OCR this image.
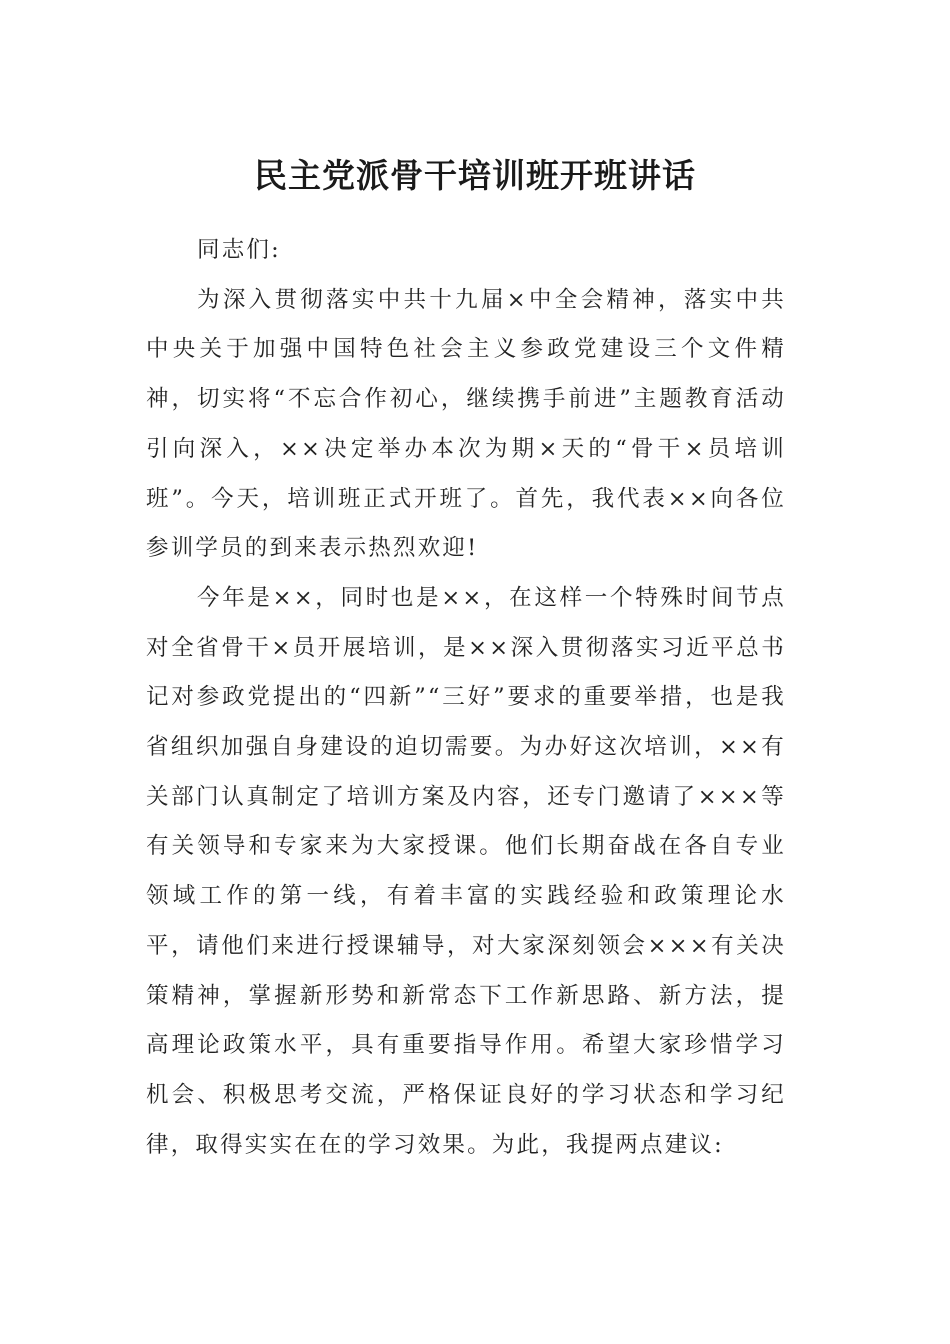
民主党派骨干培训班开班讲话

同志们:

为深入贯彻落实中共十九届×中全会精神，落实中共中央关于加强中国特色社会主义参政党建设三个文件精神，切实将“不忘合作初心，继续携手前进”主题教育活动引向深入，××决定举办本次为期×天的“骨干×员培训班”。今天，培训班正式开班了。首先，我代表××向各位参训学员的到来表示热烈欢迎!

今年是××，同时也是××，在这样一个特殊时间节点对全省骨干×员开展培训，是××深入贯彻落实习近平总书记对参政党提出的“四新”“三好”要求的重要举措，也是我省组织加强自身建设的迫切需要。为办好这次培训，××有关部门认真制定了培训方案及内容，还专门邀请了×××等有关领导和专家来为大家授课。他们长期奋战在各自专业领域工作的第一线，有着丰富的实践经验和政策理论水平，请他们来进行授课辅导，对大家深刻领会×××有关决策精神，掌握新形势和新常态下工作新思路、新方法，提高理论政策水平，具有重要指导作用。希望大家珍惜学习机会、积极思考交流，严格保证良好的学习状态和学习纪律，取得实实在在的学习效果。为此，我提两点建议:
